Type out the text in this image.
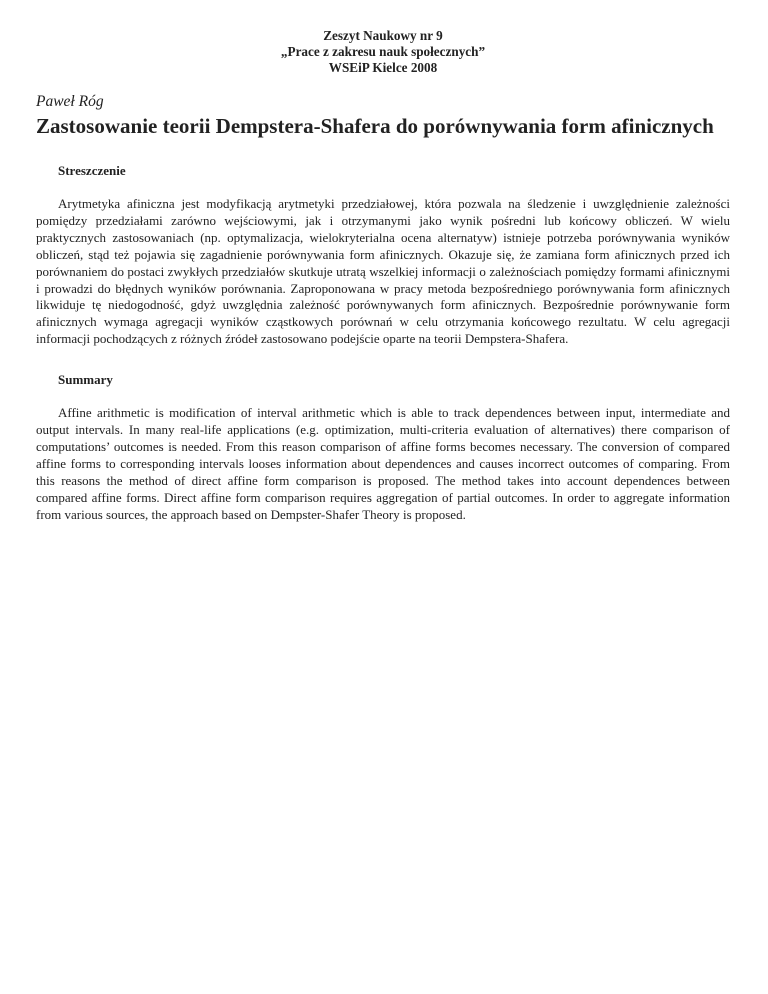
Zeszyt Naukowy nr 9
„Prace z zakresu nauk społecznych”
WSEiP Kielce 2008
Paweł Róg
Zastosowanie teorii Dempstera-Shafera do porównywania form afinicznych
Streszczenie
Arytmetyka afiniczna jest modyfikacją arytmetyki przedziałowej, która pozwala na śledzenie i uwzględnienie zależności pomiędzy przedziałami zarówno wejściowymi, jak i otrzymanymi jako wynik pośredni lub końcowy obliczeń. W wielu praktycznych zastosowaniach (np. optymalizacja, wielokryterialna ocena alternatyw) istnieje potrzeba porównywania wyników obliczeń, stąd też pojawia się zagadnienie porównywania form afinicznych. Okazuje się, że zamiana form afinicznych przed ich porównaniem do postaci zwykłych przedziałów skutkuje utratą wszelkiej informacji o zależnościach pomiędzy formami afinicznymi i prowadzi do błędnych wyników porównania. Zaproponowana w pracy metoda bezpośredniego porównywania form afinicznych likwiduje tę niedogodność, gdyż uwzględnia zależność porównywanych form afinicznych. Bezpośrednie porównywanie form afinicznych wymaga agregacji wyników cząstkowych porównań w celu otrzymania końcowego rezultatu. W celu agregacji informacji pochodzących z różnych źródeł zastosowano podejście oparte na teorii Dempstera-Shafera.
Summary
Affine arithmetic is modification of interval arithmetic which is able to track dependences between input, intermediate and output intervals. In many real-life applications (e.g. optimization, multi-criteria evaluation of alternatives) there comparison of computations’ outcomes is needed. From this reason comparison of affine forms becomes necessary. The conversion of compared affine forms to corresponding intervals looses information about dependences and causes incorrect outcomes of comparing. From this reasons the method of direct affine form comparison is proposed. The method takes into account dependences between compared affine forms. Direct affine form comparison requires aggregation of partial outcomes. In order to aggregate information from various sources, the approach based on Dempster-Shafer Theory is proposed.
